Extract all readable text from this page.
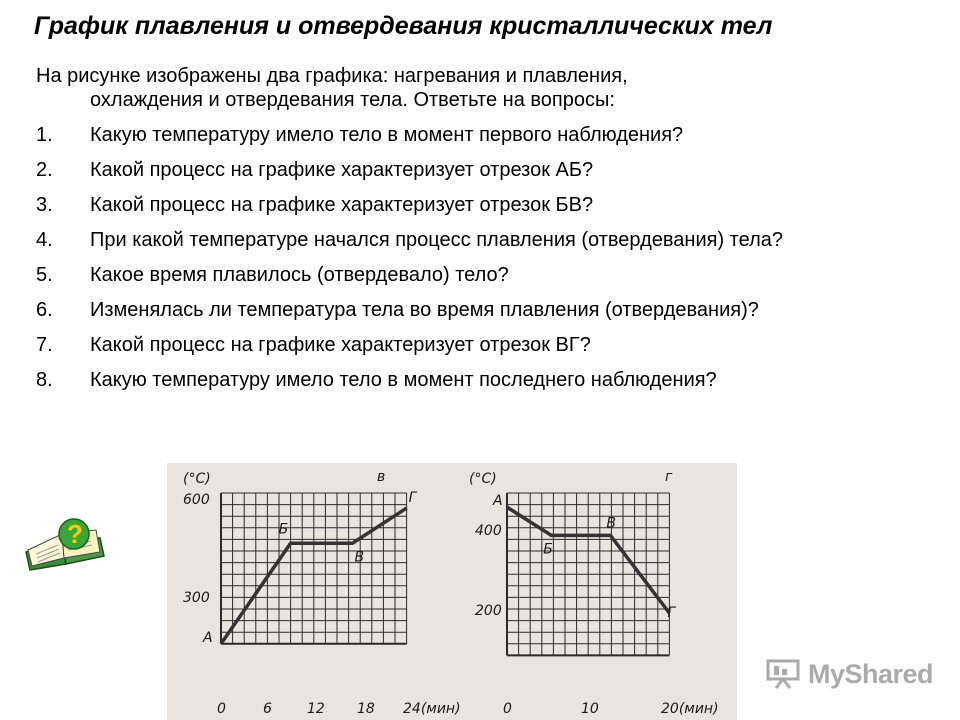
График плавления и отвердевания кристаллических тел
На рисунке изображены два графика: нагревания и плавления,
охлаждения и отвердевания тела. Ответьте на вопросы:
1. Какую температуру имело тело в момент первого наблюдения?
2. Какой процесс на графике характеризует отрезок АБ?
3. Какой процесс на графике характеризует отрезок БВ?
4. При какой температуре начался процесс плавления (отвердевания) тела?
5. Какое время плавилось (отвердевало) тело?
6. Изменялась ли температура тела во время плавления (отвердевания)?
7. Какой процесс на графике характеризует отрезок ВГ?
8. Какую температуру имело тело в момент последнего наблюдения?
?
(°С)	в
600
300
0	6	12 18 24(мин)
А
Б
В
Г
(°С)	г
400
200
0	10	20(мин)
А
Б
В
Г
MyShared
